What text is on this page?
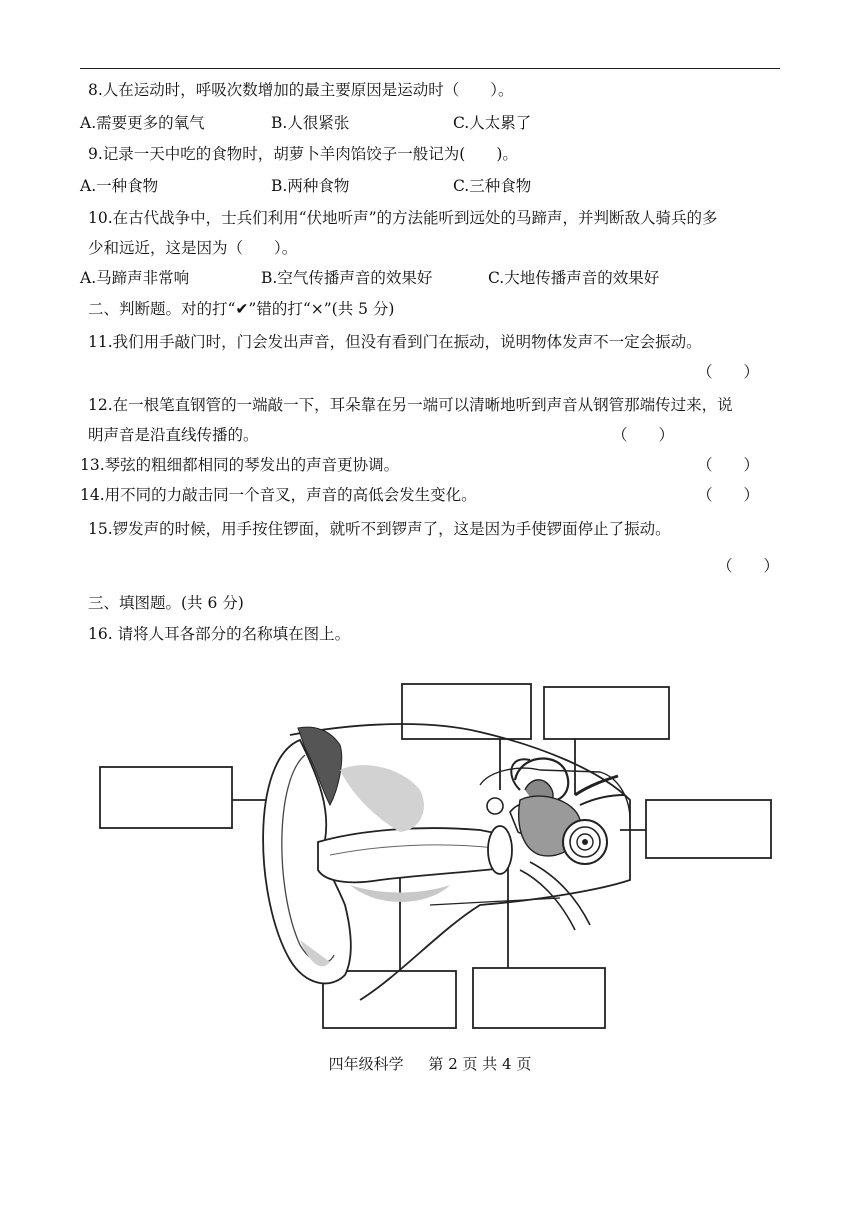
8.人在运动时，呼吸次数增加的最主要原因是运动时（　　）。
A.需要更多的氧气	B.人很紧张	C.人太累了
9.记录一天中吃的食物时，胡萝卜羊肉馅饺子一般记为(　　)。
A.一种食物	B.两种食物	C.三种食物
10.在古代战争中，士兵们利用“伏地听声”的方法能听到远处的马蹄声，并判断敌人骑兵的多
少和远近，这是因为（　　）。
A.马蹄声非常响	B.空气传播声音的效果好	C.大地传播声音的效果好
二、判断题。对的打“✔”错的打“×”(共 5 分)
11.我们用手敲门时，门会发出声音，但没有看到门在振动，说明物体发声不一定会振动。
（　　）
12.在一根笔直钢管的一端敲一下，耳朵靠在另一端可以清晰地听到声音从钢管那端传过来，说
明声音是沿直线传播的。	（　　）
13.琴弦的粗细都相同的琴发出的声音更协调。	（　　）
14.用不同的力敲击同一个音叉，声音的高低会发生变化。	（　　）
15.锣发声的时候，用手按住锣面，就听不到锣声了，这是因为手使锣面停止了振动。
（　　）
三、填图题。(共 6 分)
16. 请将人耳各部分的名称填在图上。
四年级科学 第 2 页 共 4 页
